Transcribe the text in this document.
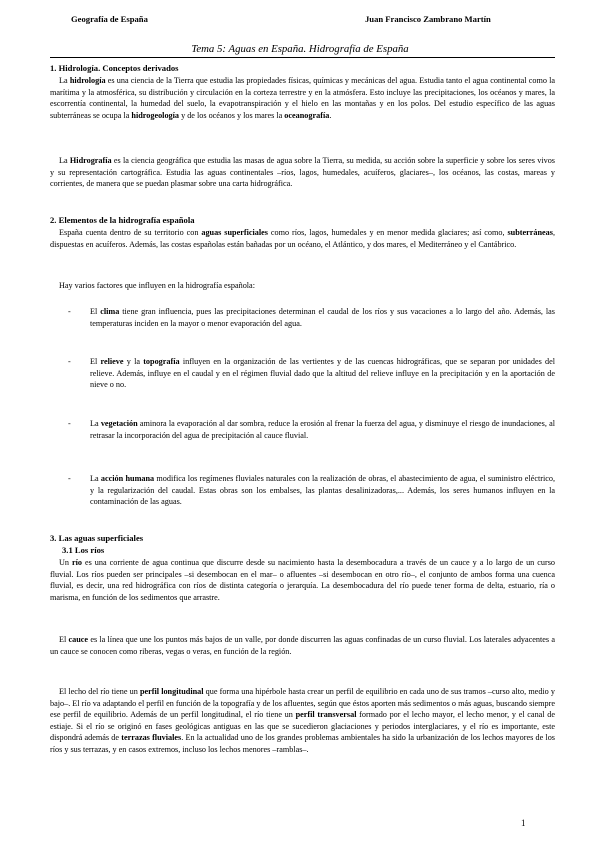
Geografía de España	Juan Francisco Zambrano Martín
Tema 5: Aguas en España. Hidrografía de España
1. Hidrología. Conceptos derivados
La hidrología es una ciencia de la Tierra que estudia las propiedades físicas, químicas y mecánicas del agua. Estudia tanto el agua continental como la marítima y la atmosférica, su distribución y circulación en la corteza terrestre y en la atmósfera. Esto incluye las precipitaciones, los océanos y mares, la escorrentía continental, la humedad del suelo, la evapotranspiración y el hielo en las montañas y en los polos. Del estudio específico de las aguas subterráneas se ocupa la hidrogeología y de los océanos y los mares la oceanografía.
La Hidrografía es la ciencia geográfica que estudia las masas de agua sobre la Tierra, su medida, su acción sobre la superficie y sobre los seres vivos y su representación cartográfica. Estudia las aguas continentales –ríos, lagos, humedales, acuíferos, glaciares–, los océanos, las costas, mareas y corrientes, de manera que se puedan plasmar sobre una carta hidrográfica.
2. Elementos de la hidrografía española
España cuenta dentro de su territorio con aguas superficiales como ríos, lagos, humedales y en menor medida glaciares; así como, subterráneas, dispuestas en acuíferos. Además, las costas españolas están bañadas por un océano, el Atlántico, y dos mares, el Mediterráneo y el Cantábrico.
Hay varios factores que influyen en la hidrografía española:
- El clima tiene gran influencia, pues las precipitaciones determinan el caudal de los ríos y sus vacaciones a lo largo del año. Además, las temperaturas inciden en la mayor o menor evaporación del agua.
- El relieve y la topografía influyen en la organización de las vertientes y de las cuencas hidrográficas, que se separan por unidades del relieve. Además, influye en el caudal y en el régimen fluvial dado que la altitud del relieve influye en la precipitación y en la aportación de nieve o no.
- La vegetación aminora la evaporación al dar sombra, reduce la erosión al frenar la fuerza del agua, y disminuye el riesgo de inundaciones, al retrasar la incorporación del agua de precipitación al cauce fluvial.
- La acción humana modifica los regímenes fluviales naturales con la realización de obras, el abastecimiento de agua, el suministro eléctrico, y la regularización del caudal. Estas obras son los embalses, las plantas desalinizadoras,... Además, los seres humanos influyen en la contaminación de las aguas.
3. Las aguas superficiales
3.1 Los ríos
Un río es una corriente de agua continua que discurre desde su nacimiento hasta la desembocadura a través de un cauce y a lo largo de un curso fluvial. Los ríos pueden ser principales –si desembocan en el mar– o afluentes –si desembocan en otro río–, el conjunto de ambos forma una cuenca fluvial, es decir, una red hidrográfica con ríos de distinta categoría o jerarquía. La desembocadura del río puede tener forma de delta, estuario, ría o marisma, en función de los sedimentos que arrastre.
El cauce es la línea que une los puntos más bajos de un valle, por donde discurren las aguas confinadas de un curso fluvial. Los laterales adyacentes a un cauce se conocen como riberas, vegas o veras, en función de la región.
El lecho del río tiene un perfil longitudinal que forma una hipérbole hasta crear un perfil de equilibrio en cada uno de sus tramos –curso alto, medio y bajo–. El río va adaptando el perfil en función de la topografía y de los afluentes, según que éstos aporten más sedimentos o más aguas, buscando siempre ese perfil de equilibrio. Además de un perfil longitudinal, el río tiene un perfil transversal formado por el lecho mayor, el lecho menor, y el canal de estiaje. Si el río se originó en fases geológicas antiguas en las que se sucedieron glaciaciones y periodos interglaciares, y el río es importante, este dispondrá además de terrazas fluviales. En la actualidad uno de los grandes problemas ambientales ha sido la urbanización de los lechos mayores de los ríos y sus terrazas, y en casos extremos, incluso los lechos menores –ramblas–.
1
